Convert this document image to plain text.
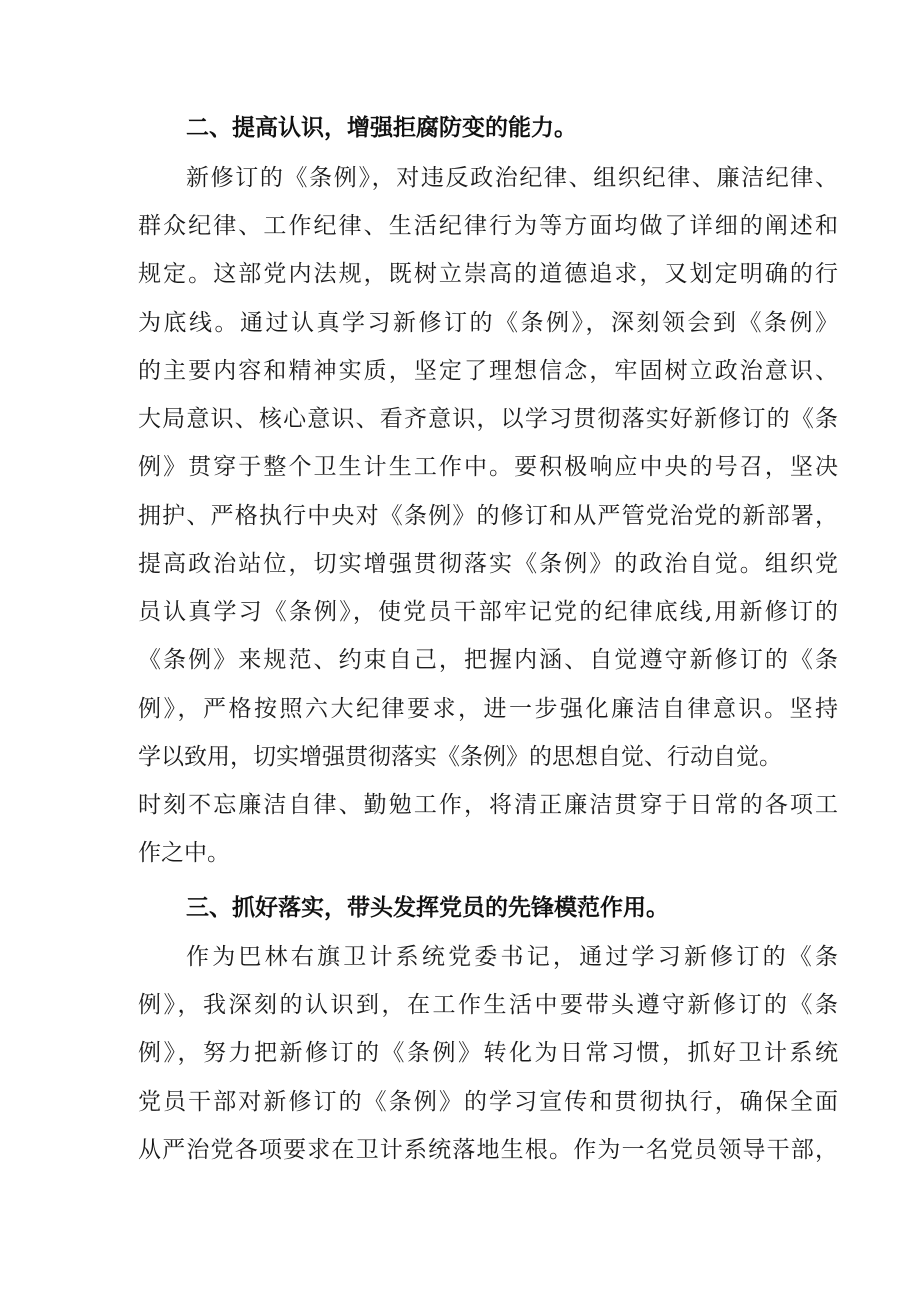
二、提高认识，增强拒腐防变的能力。
新修订的《条例》，对违反政治纪律、组织纪律、廉洁纪律、
群众纪律、工作纪律、生活纪律行为等方面均做了详细的阐述和
规定。这部党内法规，既树立崇高的道德追求，又划定明确的行
为底线。通过认真学习新修订的《条例》，深刻领会到《条例》
的主要内容和精神实质，坚定了理想信念，牢固树立政治意识、
大局意识、核心意识、看齐意识，以学习贯彻落实好新修订的《条
例》贯穿于整个卫生计生工作中。要积极响应中央的号召，坚决
拥护、严格执行中央对《条例》的修订和从严管党治党的新部署，
提高政治站位，切实增强贯彻落实《条例》的政治自觉。组织党
员认真学习《条例》，使党员干部牢记党的纪律底线,用新修订的
《条例》来规范、约束自己，把握内涵、自觉遵守新修订的《条
例》，严格按照六大纪律要求，进一步强化廉洁自律意识。坚持
学以致用，切实增强贯彻落实《条例》的思想自觉、行动自觉。
时刻不忘廉洁自律、勤勉工作，将清正廉洁贯穿于日常的各项工
作之中。
三、抓好落实，带头发挥党员的先锋模范作用。
作为巴林右旗卫计系统党委书记，通过学习新修订的《条
例》，我深刻的认识到，在工作生活中要带头遵守新修订的《条
例》，努力把新修订的《条例》转化为日常习惯，抓好卫计系统
党员干部对新修订的《条例》的学习宣传和贯彻执行，确保全面
从严治党各项要求在卫计系统落地生根。作为一名党员领导干部，
